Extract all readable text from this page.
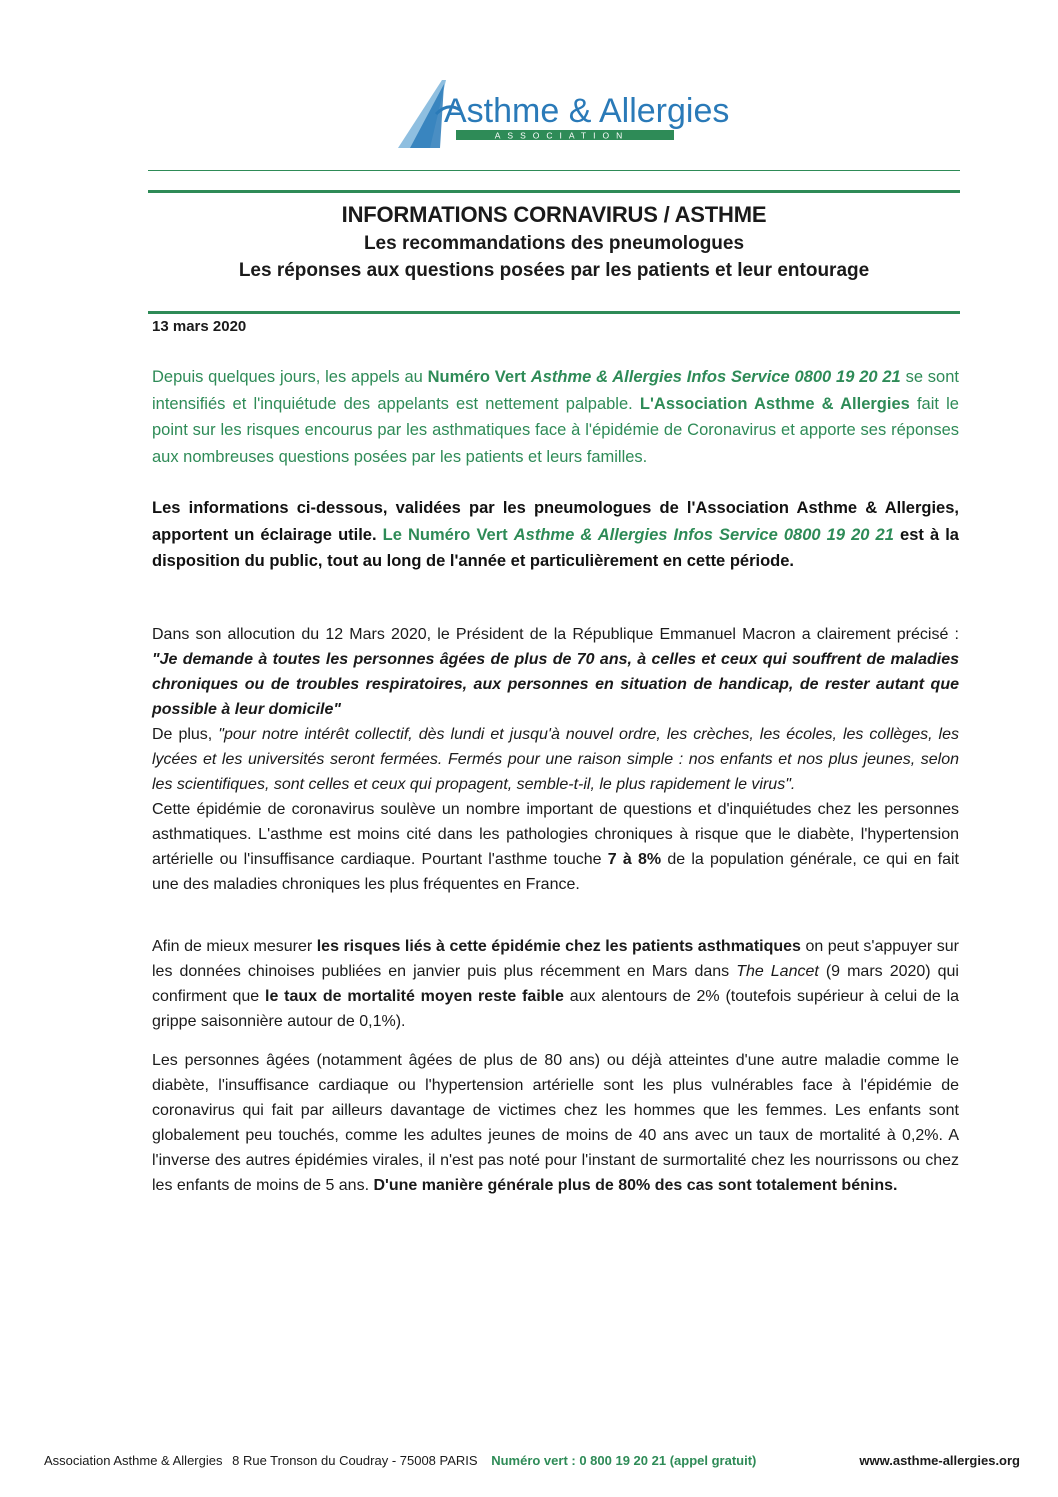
Asthme & Allergies
ASSOCIATION
INFORMATIONS CORNAVIRUS / ASTHME
Les recommandations des pneumologues
Les réponses aux questions posées par les patients et leur entourage
13 mars 2020
Depuis quelques jours, les appels au Numéro Vert Asthme & Allergies Infos Service 0800 19 20 21 se sont intensifiés et l'inquiétude des appelants est nettement palpable. L'Association Asthme & Allergies fait le point sur les risques encourus par les asthmatiques face à l'épidémie de Coronavirus et apporte ses réponses aux nombreuses questions posées par les patients et leurs familles.
Les informations ci-dessous, validées par les pneumologues de l'Association Asthme & Allergies, apportent un éclairage utile. Le Numéro Vert Asthme & Allergies Infos Service 0800 19 20 21 est à la disposition du public, tout au long de l'année et particulièrement en cette période.
Dans son allocution du 12 Mars 2020, le Président de la République Emmanuel Macron a clairement précisé : "Je demande à toutes les personnes âgées de plus de 70 ans, à celles et ceux qui souffrent de maladies chroniques ou de troubles respiratoires, aux personnes en situation de handicap, de rester autant que possible à leur domicile"
De plus, "pour notre intérêt collectif, dès lundi et jusqu'à nouvel ordre, les crèches, les écoles, les collèges, les lycées et les universités seront fermées. Fermés pour une raison simple : nos enfants et nos plus jeunes, selon les scientifiques, sont celles et ceux qui propagent, semble-t-il, le plus rapidement le virus".
Cette épidémie de coronavirus soulève un nombre important de questions et d'inquiétudes chez les personnes asthmatiques. L'asthme est moins cité dans les pathologies chroniques à risque que le diabète, l'hypertension artérielle ou l'insuffisance cardiaque. Pourtant l'asthme touche 7 à 8% de la population générale, ce qui en fait une des maladies chroniques les plus fréquentes en France.
Afin de mieux mesurer les risques liés à cette épidémie chez les patients asthmatiques on peut s'appuyer sur les données chinoises publiées en janvier puis plus récemment en Mars dans The Lancet (9 mars 2020) qui confirment que le taux de mortalité moyen reste faible aux alentours de 2% (toutefois supérieur à celui de la grippe saisonnière autour de 0,1%).
Les personnes âgées (notamment âgées de plus de 80 ans) ou déjà atteintes d'une autre maladie comme le diabète, l'insuffisance cardiaque ou l'hypertension artérielle sont les plus vulnérables face à l'épidémie de coronavirus qui fait par ailleurs davantage de victimes chez les hommes que les femmes. Les enfants sont globalement peu touchés, comme les adultes jeunes de moins de 40 ans avec un taux de mortalité à 0,2%. A l'inverse des autres épidémies virales, il n'est pas noté pour l'instant de surmortalité chez les nourrissons ou chez les enfants de moins de 5 ans. D'une manière générale plus de 80% des cas sont totalement bénins.
Association Asthme & Allergies 8 Rue Tronson du Coudray - 75008 PARIS Numéro vert : 0 800 19 20 21 (appel gratuit)	www.asthme-allergies.org
